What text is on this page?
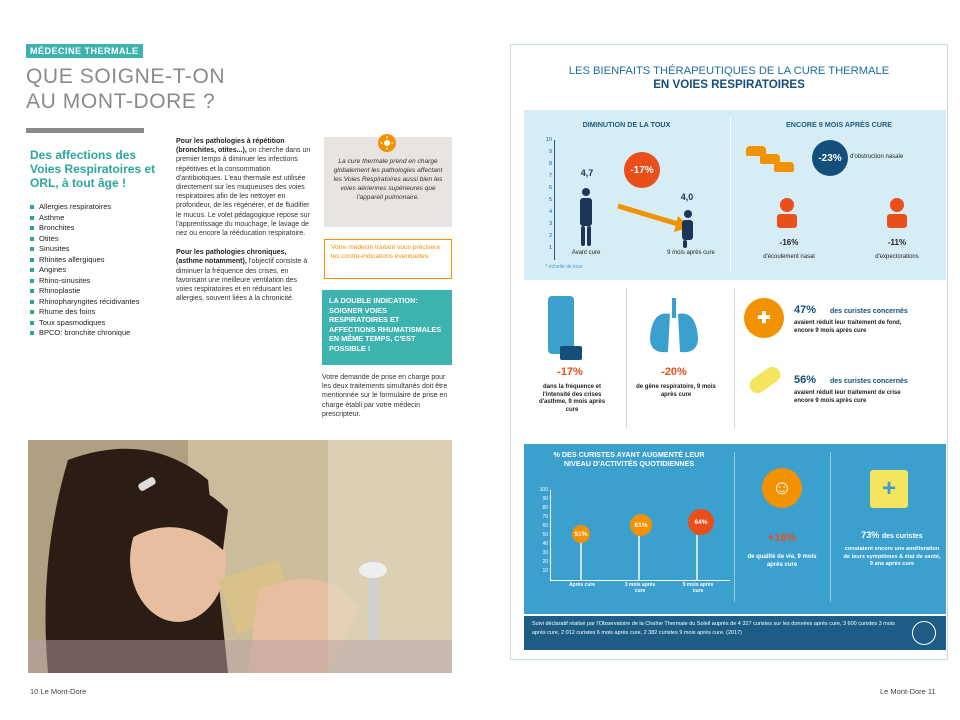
MÉDECINE THERMALE
QUE SOIGNE-T-ON
AU MONT-DORE ?
Des affections des Voies Respiratoires et ORL, à tout âge !
Allergies respiratoires
Asthme
Bronchites
Otites
Sinusites
Rhinites allergiques
Angines
Rhino-sinusites
Rhinoplastie
Rhinopharyngites récidivantes
Rhume des foins
Toux spasmodiques
BPCO: bronchite chronique

Pour les pathologies à répétition (bronchites, otites...), on cherche dans un premier temps à diminuer les infections répétitives et la consommation d'antibiotiques. L'eau thermale est utilisée directement sur les muqueuses des voies respiratoires afin de les nettoyer en profondeur, de les régénérer, et de fluidifier le mucus. Le volet pédagogique repose sur l'apprentissage du mouchage, le lavage de nez ou encore la rééducation respiratoire.

Pour les pathologies chroniques, (asthme notamment), l'objectif consiste à diminuer la fréquence des crises, en favorisant une meilleure ventilation des voies respiratoires et en réduisant les allergies, souvent liées à la chronicité.

La cure thermale prend en charge globalement les pathologies affectant les Voies Respiratoires aussi bien les voies aériennes supérieures que l'appareil pulmonaire.

Votre médecin traitant vous précisera les contre-indications éventuelles.
LA DOUBLE INDICATION: SOIGNER VOIES RESPIRATOIRES ET AFFECTIONS RHUMATISMALES EN MÊME TEMPS, C'EST POSSIBLE !
Votre demande de prise en charge pour les deux traitements simultanés doit être mentionnée sur le formulaire de prise en charge établi par votre médecin prescripteur.
10 Le Mont-Dore
LES BIENFAITS THÉRAPEUTIQUES DE LA CURE THERMALE
EN VOIES RESPIRATOIRES
DIMINUTION DE LA TOUX
10
9
8
7
6
5
4
3
2
1
4,7	-17%
4,0
Avant cure	9 mois après cure
* échelle de toux
ENCORE 9 MOIS APRÈS CURE
-23%	d'obstruction nasale
-16%
d'écoulement nasal
-11%
d'expectorations
-17%
dans la fréquence et l'intensité des crises d'asthme, 9 mois après cure
-20%
de gêne respiratoire, 9 mois après cure
✚	47% des curistes concernés
avaient réduit leur traitement de fond, encore 9 mois après cure
56% des curistes concernés
avaient réduit leur traitement de crise encore 9 mois après cure
% DES CURISTES AYANT AUGMENTÉ LEUR
NIVEAU D'ACTIVITÉS QUOTIDIENNES
100
90
80
70
60
50
40
30
20
10
51%
61%	64%
Après cure	3 mois après cure
9 mois après cure
☺
+16%
de qualité de vie, 9 mois après cure
+
73% des curistes
constatent encore une amélioration de leurs symptômes & état de santé, 9 ans après cure
Suivi déclaratif réalisé par l'Observatoire de la Chaîne Thermale du Soleil auprès de 4 327 curistes sur les données après cure, 3 600 curistes 3 mois après cure, 2 012 curistes 6 mois après cure, 2 382 curistes 9 mois après cure. (2017)
Le Mont-Dore 11
